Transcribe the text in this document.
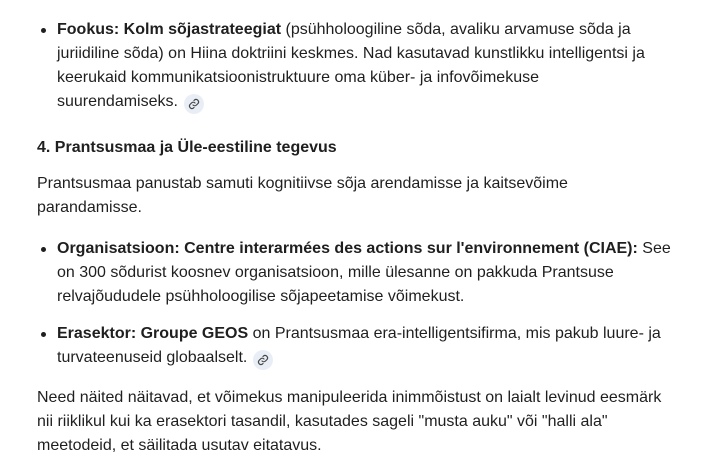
Fookus: Kolm sõjastrateegiat (psühholoogiline sõda, avaliku arvamuse sõda ja
juriidiline sõda) on Hiina doktriini keskmes. Nad kasutavad kunstlikku intelligentsi ja
keerukaid kommunikatsioonistruktuure oma küber- ja infovõimekuse
suurendamiseks.
4. Prantsusmaa ja Üle-eestiline tegevus

Prantsusmaa panustab samuti kognitiivse sõja arendamisse ja kaitsevõime
parandamisse.

Organisatsioon: Centre interarmées des actions sur l'environnement (CIAE): See
on 300 sõdurist koosnev organisatsioon, mille ülesanne on pakkuda Prantsuse
relvajõududele psühholoogilise sõjapeetamise võimekust.
Erasektor: Groupe GEOS on Prantsusmaa era-intelligentsifirma, mis pakub luure- ja
turvateenuseid globaalselt.

Need näited näitavad, et võimekus manipuleerida inimmõistust on laialt levinud eesmärk
nii riiklikul kui ka erasektori tasandil, kasutades sageli "musta auku" või "halli ala"
meetodeid, et säilitada usutav eitatavus.
